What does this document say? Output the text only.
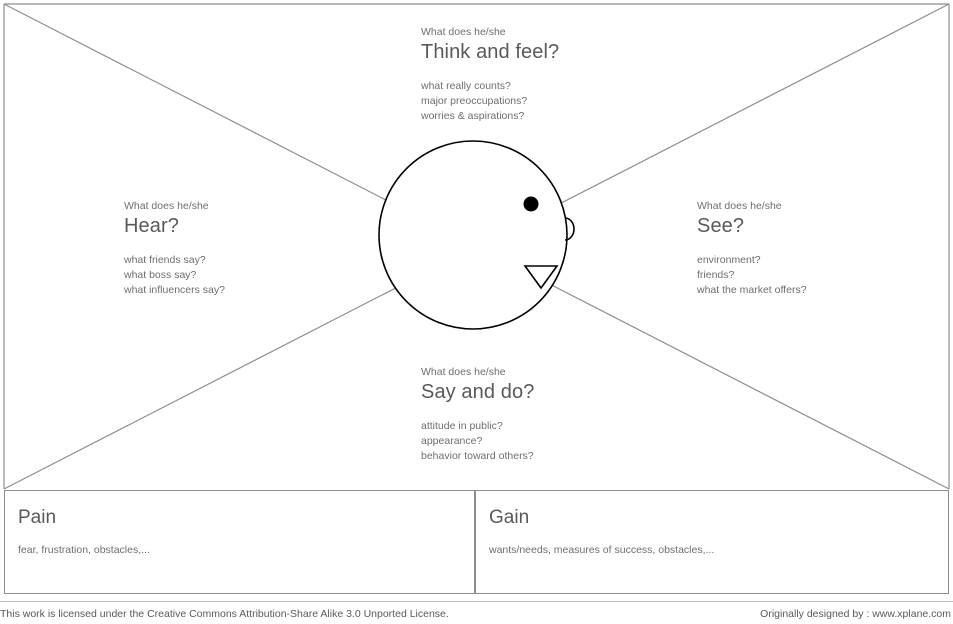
What does he/she
Think and feel?
what really counts?
major preoccupations?
worries & aspirations?
What does he/she
Hear?
what friends say?
what boss say?
what influencers say?
What does he/she
See?
environment?
friends?
what the market offers?
What does he/she
Say and do?
attitude in public?
appearance?
behavior toward others?
Pain
fear, frustration, obstacles,...
Gain
wants/needs, measures of success, obstacles,...
This work is licensed under the Creative Commons Attribution-Share Alike 3.0 Unported License.	Originally designed by : www.xplane.com
